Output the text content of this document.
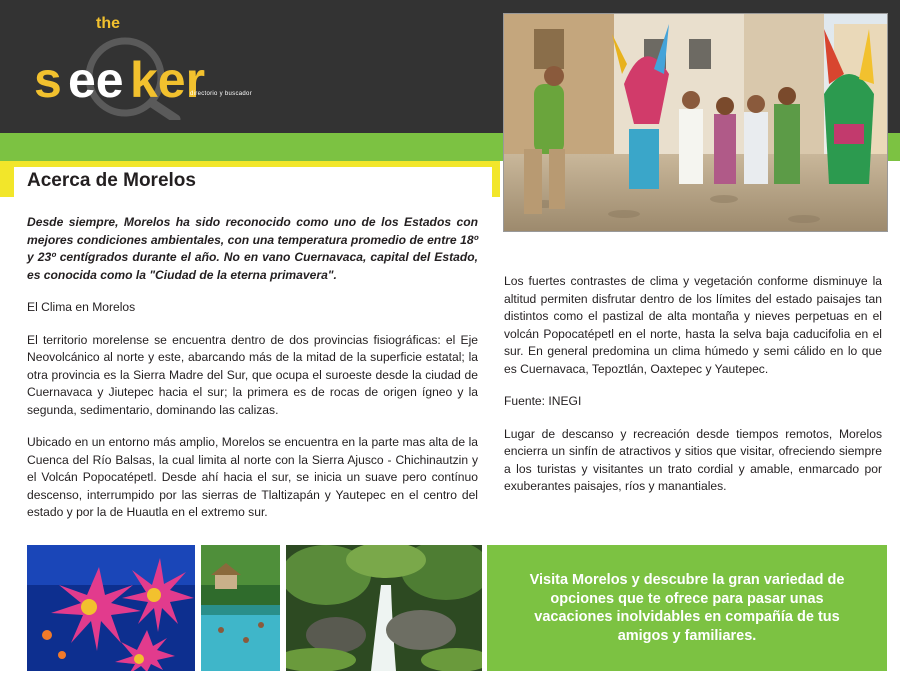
Acerca de Morelos
the
s ee ker
directorio y buscador

Desde siempre, Morelos ha sido reconocido como uno de los Estados con mejores condiciones ambientales, con una temperatura promedio de entre 18º y 23º centígrados durante el año. No en vano Cuernavaca, capital del Estado, es conocida como la "Ciudad de la eterna primavera".

El Clima en Morelos

El territorio morelense se encuentra dentro de dos provincias fisiográficas: el Eje Neovolcánico al norte y este, abarcando más de la mitad de la superficie estatal; la otra provincia es la Sierra Madre del Sur, que ocupa el suroeste desde la ciudad de Cuernavaca y Jiutepec hacia el sur; la primera es de rocas de origen ígneo y la segunda, sedimentario, dominando las calizas.

Ubicado en un entorno más amplio, Morelos se encuentra en la parte mas alta de la Cuenca del Río Balsas, la cual limita al norte con la Sierra Ajusco - Chichinautzin y el Volcán Popocatépetl. Desde ahí hacia el sur, se inicia un suave pero contínuo descenso, interrumpido por las sierras de Tlaltizapán y Yautepec en el centro del estado y por la de Huautla en el extremo sur.

Los fuertes contrastes de clima y vegetación conforme disminuye la altitud permiten disfrutar dentro de los límites del estado paisajes tan distintos como el pastizal de alta montaña y nieves perpetuas en el volcán Popocatépetl en el norte, hasta la selva baja caducifolia en el sur. En general predomina un clima húmedo y semi cálido en lo que es Cuernavaca, Tepoztlán, Oaxtepec y Yautepec.

Fuente: INEGI

Lugar de descanso y recreación desde tiempos remotos, Morelos encierra un sinfín de atractivos y sitios que visitar, ofreciendo siempre a los turistas y visitantes un trato cordial y amable, enmarcado por exuberantes paisajes, ríos y manantiales.

Visita Morelos y descubre la gran variedad de opciones que te ofrece para pasar unas vacaciones inolvidables en compañía de tus amigos y familiares.
